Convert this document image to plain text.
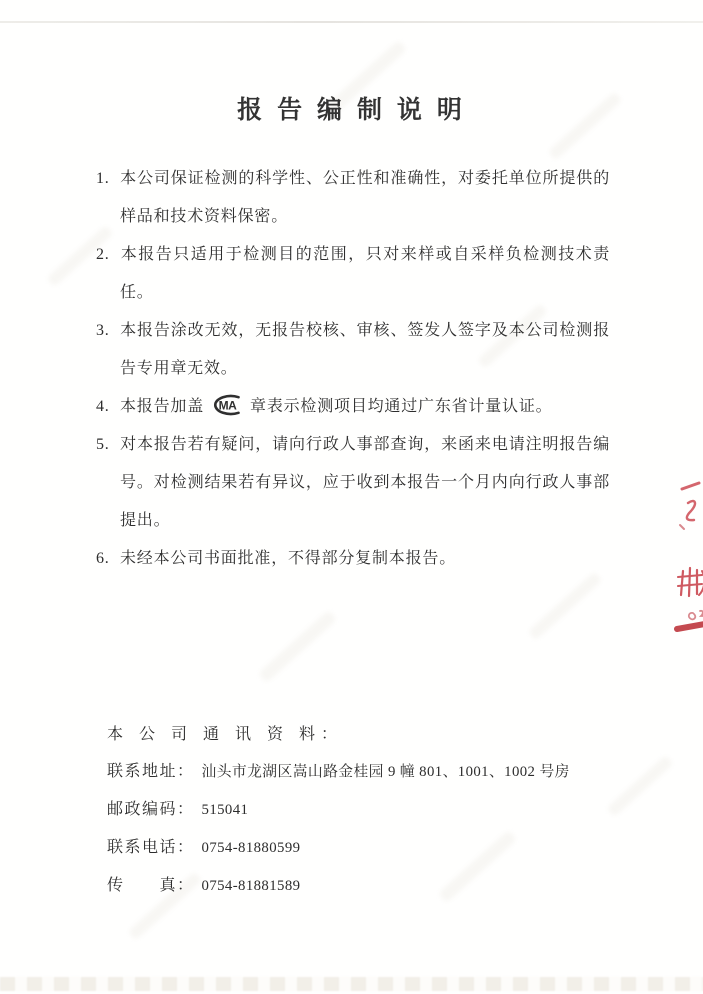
报 告 编 制 说 明
1. 本公司保证检测的科学性、公正性和准确性，对委托单位所提供的样品和技术资料保密。
2. 本报告只适用于检测目的范围，只对来样或自采样负检测技术责任。
3. 本报告涂改无效，无报告校核、审核、签发人签字及本公司检测报告专用章无效。
4. 本报告加盖 MA 章表示检测项目均通过广东省计量认证。
5. 对本报告若有疑问，请向行政人事部查询，来函来电请注明报告编号。对检测结果若有异议，应于收到本报告一个月内向行政人事部提出。
6. 未经本公司书面批准，不得部分复制本报告。
本 公 司 通 讯 资 料：
联系地址： 汕头市龙湖区嵩山路金桂园 9 幢 801、1001、1002 号房
邮政编码： 515041
联系电话： 0754-81880599
传　　真： 0754-81881589
